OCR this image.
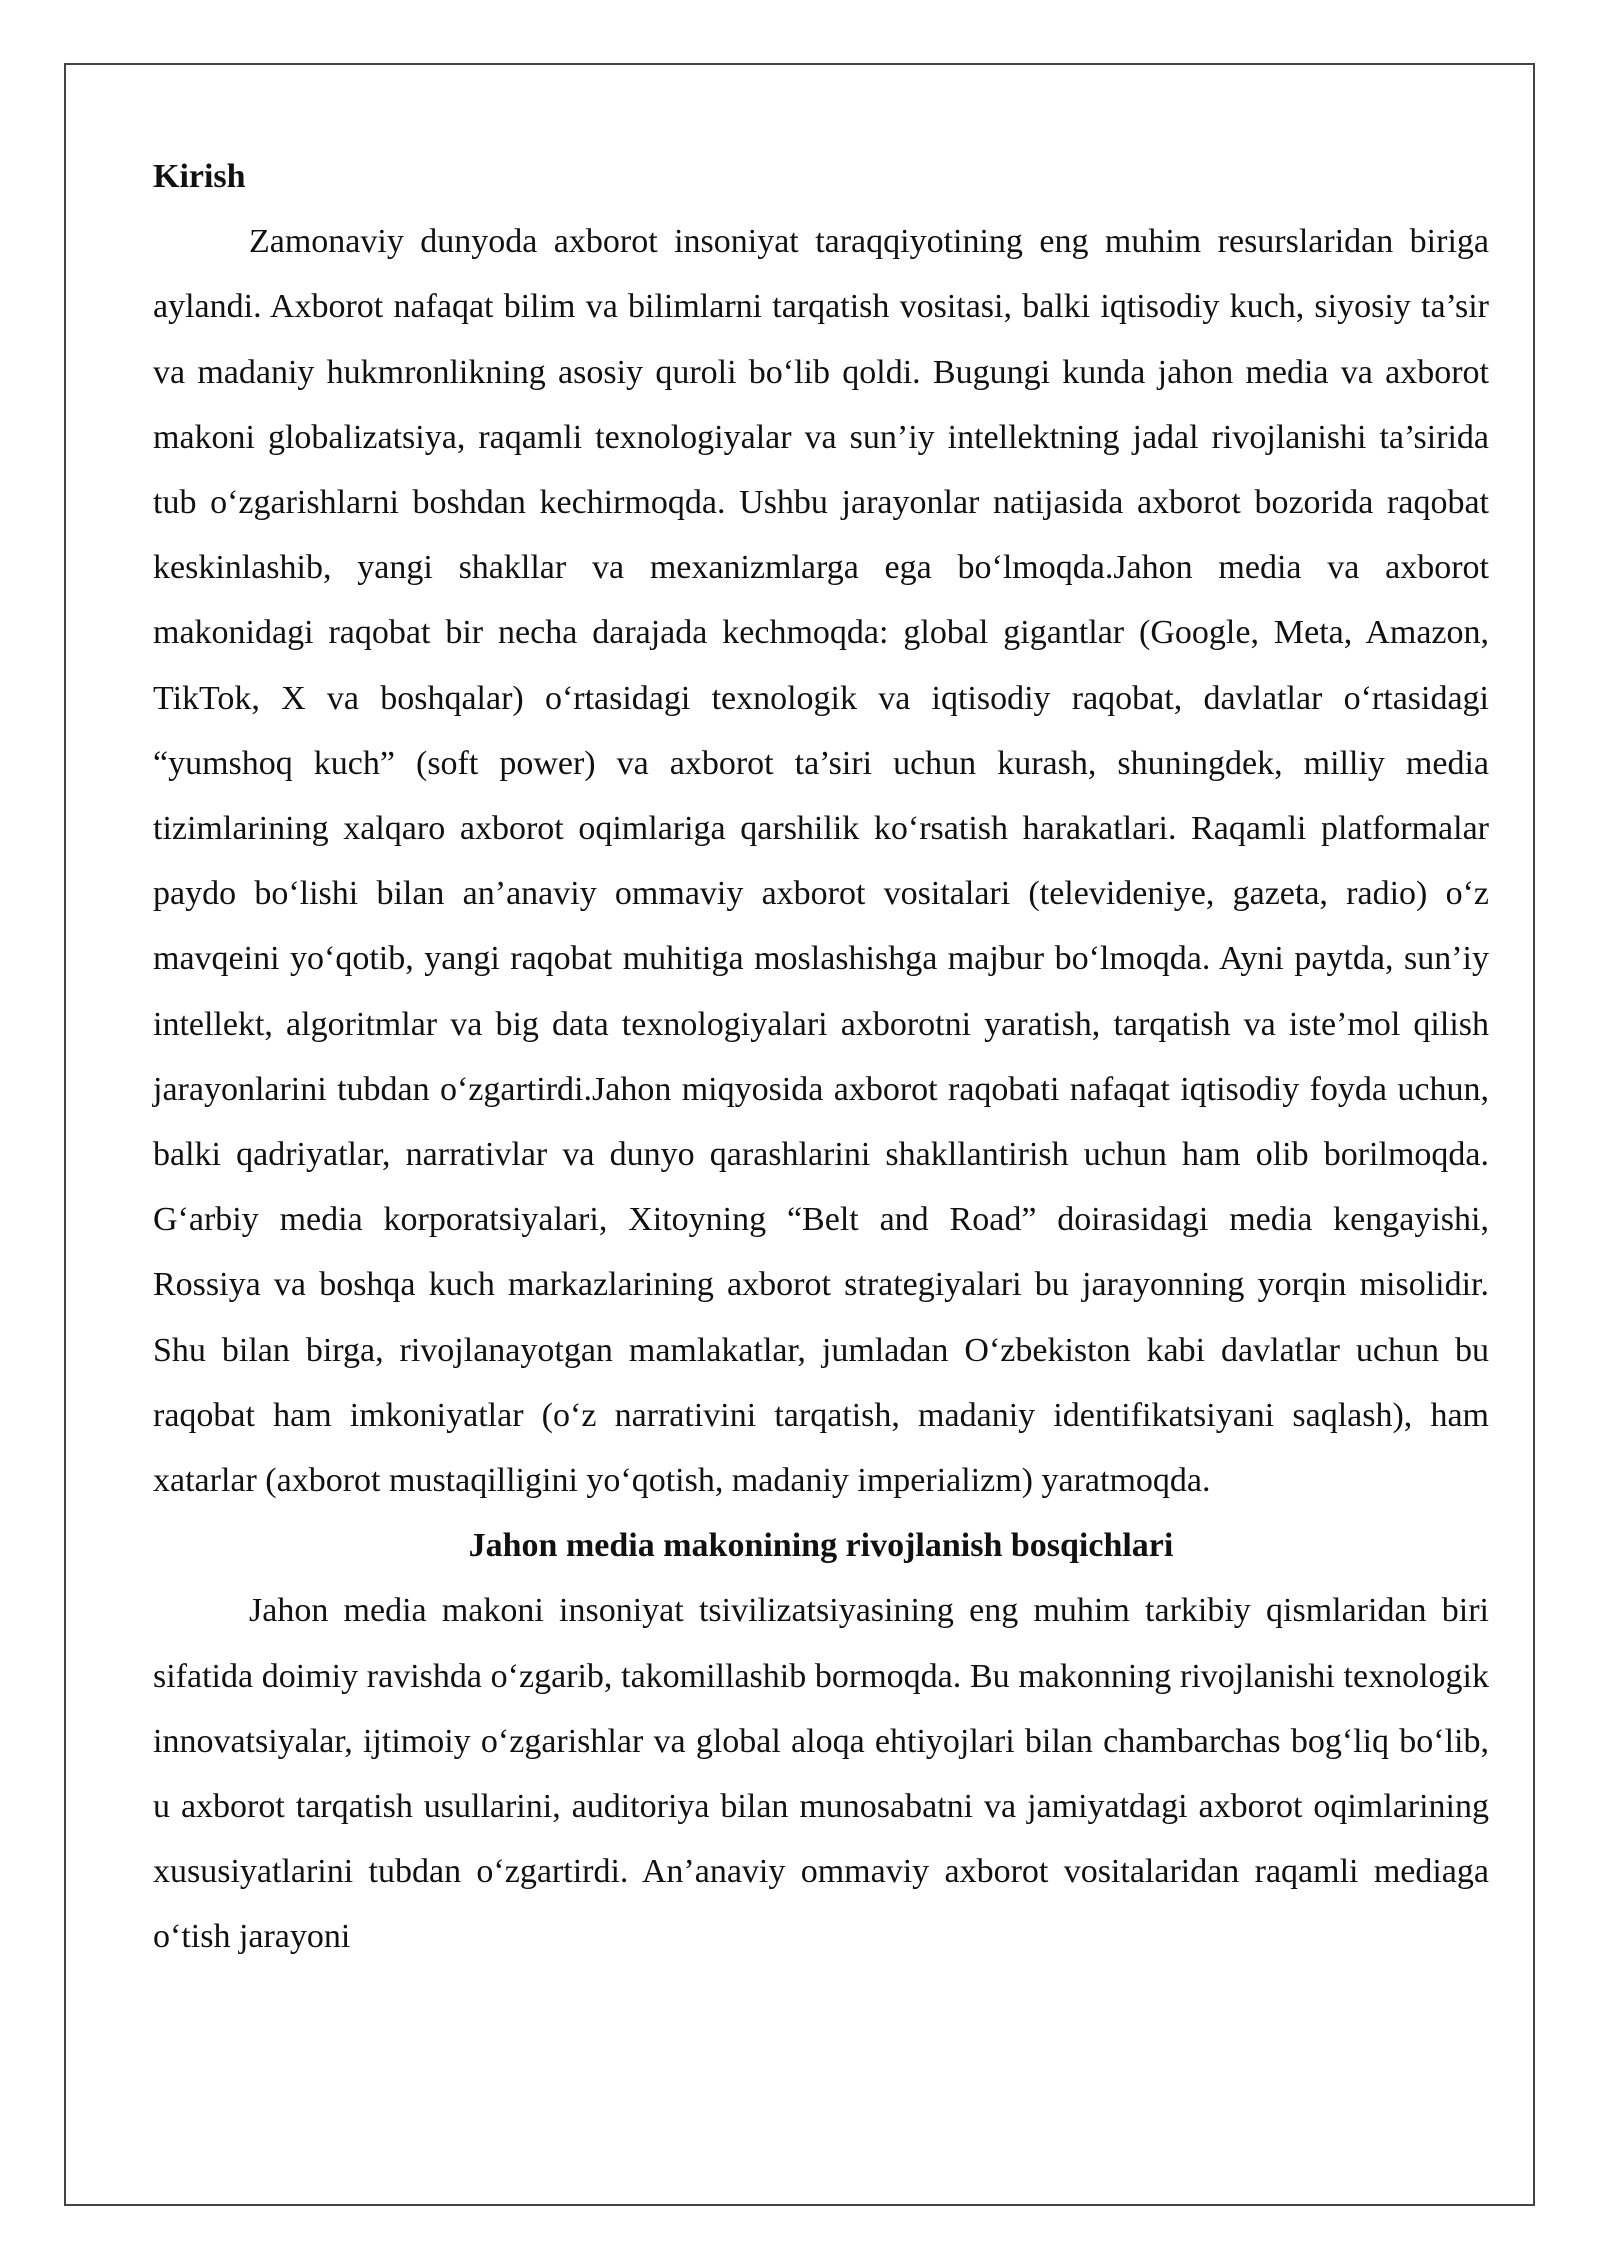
Kirish

Zamonaviy dunyoda axborot insoniyat taraqqiyotining eng muhim resurslaridan biriga aylandi. Axborot nafaqat bilim va bilimlarni tarqatish vositasi, balki iqtisodiy kuch, siyosiy ta’sir va madaniy hukmronlikning asosiy quroli bo‘lib qoldi. Bugungi kunda jahon media va axborot makoni globalizatsiya, raqamli texnologiyalar va sun’iy intellektning jadal rivojlanishi ta’sirida tub o‘zgarishlarni boshdan kechirmoqda. Ushbu jarayonlar natijasida axborot bozorida raqobat keskinlashib, yangi shakllar va mexanizmlarga ega bo‘lmoqda.Jahon media va axborot makonidagi raqobat bir necha darajada kechmoqda: global gigantlar (Google, Meta, Amazon, TikTok, X va boshqalar) o‘rtasidagi texnologik va iqtisodiy raqobat, davlatlar o‘rtasidagi “yumshoq kuch” (soft power) va axborot ta’siri uchun kurash, shuningdek, milliy media tizimlarining xalqaro axborot oqimlariga qarshilik ko‘rsatish harakatlari. Raqamli platformalar paydo bo‘lishi bilan an’anaviy ommaviy axborot vositalari (televideniye, gazeta, radio) o‘z mavqeini yo‘qotib, yangi raqobat muhitiga moslashishga majbur bo‘lmoqda. Ayni paytda, sun’iy intellekt, algoritmlar va big data texnologiyalari axborotni yaratish, tarqatish va iste’mol qilish jarayonlarini tubdan o‘zgartirdi.Jahon miqyosida axborot raqobati nafaqat iqtisodiy foyda uchun, balki qadriyatlar, narrativlar va dunyo qarashlarini shakllantirish uchun ham olib borilmoqda. G‘arbiy media korporatsiyalari, Xitoyning “Belt and Road” doirasidagi media kengayishi, Rossiya va boshqa kuch markazlarining axborot strategiyalari bu jarayonning yorqin misolidir. Shu bilan birga, rivojlanayotgan mamlakatlar, jumladan O‘zbekiston kabi davlatlar uchun bu raqobat ham imkoniyatlar (o‘z narrativini tarqatish, madaniy identifikatsiyani saqlash), ham xatarlar (axborot mustaqilligini yo‘qotish, madaniy imperializm) yaratmoqda.

Jahon media makonining rivojlanish bosqichlari

Jahon media makoni insoniyat tsivilizatsiyasining eng muhim tarkibiy qismlaridan biri sifatida doimiy ravishda o‘zgarib, takomillashib bormoqda. Bu makonning rivojlanishi texnologik innovatsiyalar, ijtimoiy o‘zgarishlar va global aloqa ehtiyojlari bilan chambarchas bog‘liq bo‘lib, u axborot tarqatish usullarini, auditoriya bilan munosabatni va jamiyatdagi axborot oqimlarining xususiyatlarini tubdan o‘zgartirdi. An’anaviy ommaviy axborot vositalaridan raqamli mediaga o‘tish jarayoni
